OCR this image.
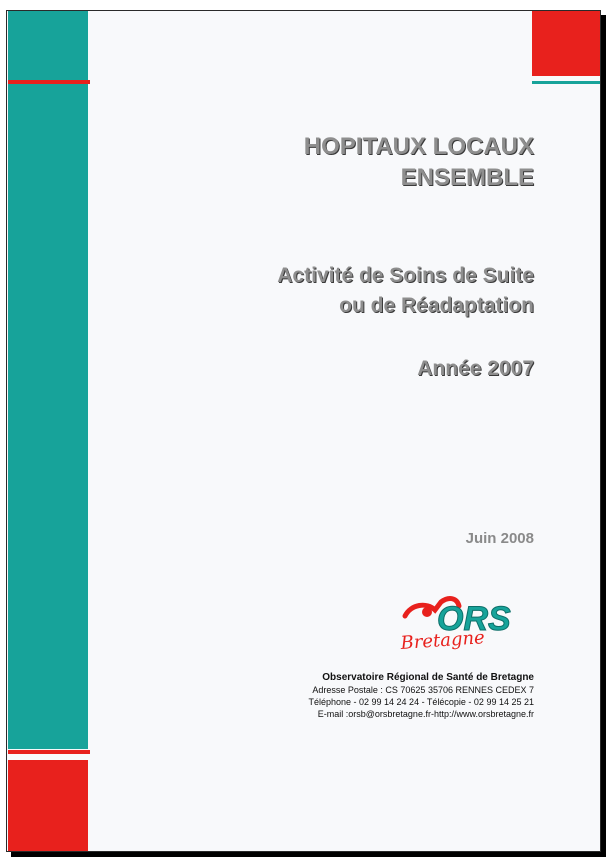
HOPITAUX LOCAUX
ENSEMBLE
Activité de Soins de Suite
ou de Réadaptation
Année 2007
Juin 2008
ORS
Bretagne
Observatoire Régional de Santé de Bretagne
Adresse Postale : CS 70625 35706 RENNES CEDEX 7
Téléphone - 02 99 14 24 24 - Télécopie - 02 99 14 25 21
E-mail :orsb@orsbretagne.fr-http://www.orsbretagne.fr
